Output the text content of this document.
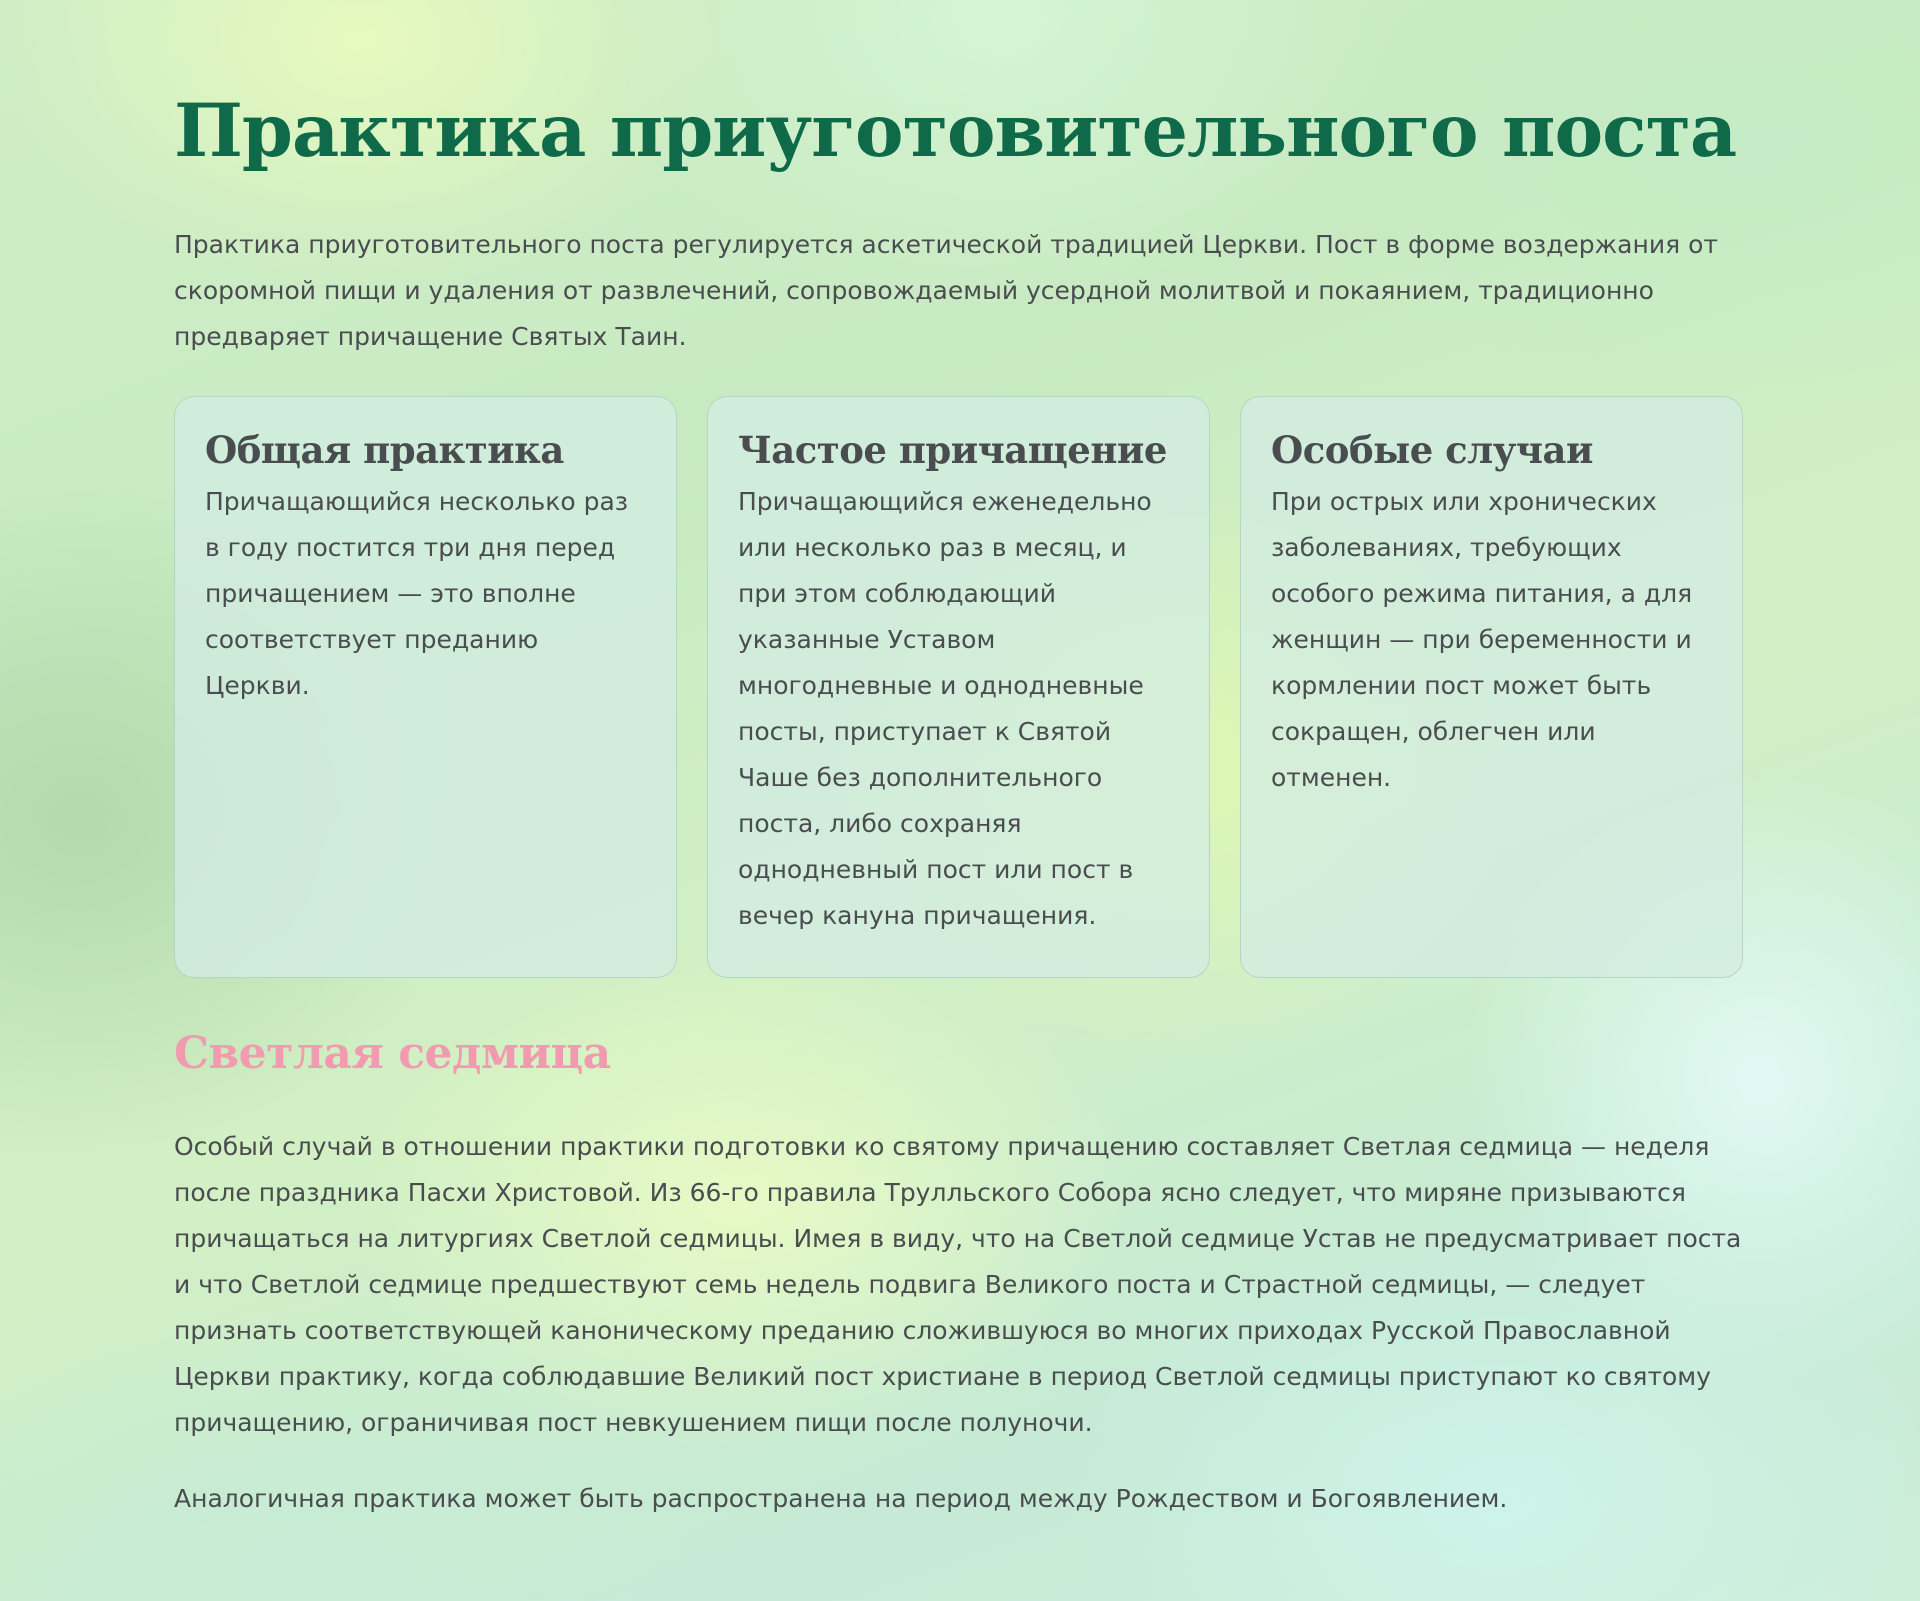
Практика приуготовительного поста

Практика приуготовительного поста регулируется аскетической традицией Церкви. Пост в форме воздержания от скоромной пищи и удаления от развлечений, сопровождаемый усердной молитвой и покаянием, традиционно предваряет причащение Святых Таин.

Общая практика

Причащающийся несколько раз в году постится три дня перед причащением — это вполне соответствует преданию Церкви.

Частое причащение

Причащающийся еженедельно или несколько раз в месяц, и при этом соблюдающий указанные Уставом многодневные и однодневные посты, приступает к Святой Чаше без дополнительного поста, либо сохраняя однодневный пост или пост в вечер кануна причащения.

Особые случаи

При острых или хронических заболеваниях, требующих особого режима питания, а для женщин — при беременности и кормлении пост может быть сокращен, облегчен или отменен.

Светлая седмица

Особый случай в отношении практики подготовки ко святому причащению составляет Светлая седмица — неделя после праздника Пасхи Христовой. Из 66-го правила Трулльского Собора ясно следует, что миряне призываются причащаться на литургиях Светлой седмицы. Имея в виду, что на Светлой седмице Устав не предусматривает поста и что Светлой седмице предшествуют семь недель подвига Великого поста и Страстной седмицы, — следует признать соответствующей каноническому преданию сложившуюся во многих приходах Русской Православной Церкви практику, когда соблюдавшие Великий пост христиане в период Светлой седмицы приступают ко святому причащению, ограничивая пост невкушением пищи после полуночи.

Аналогичная практика может быть распространена на период между Рождеством и Богоявлением.
